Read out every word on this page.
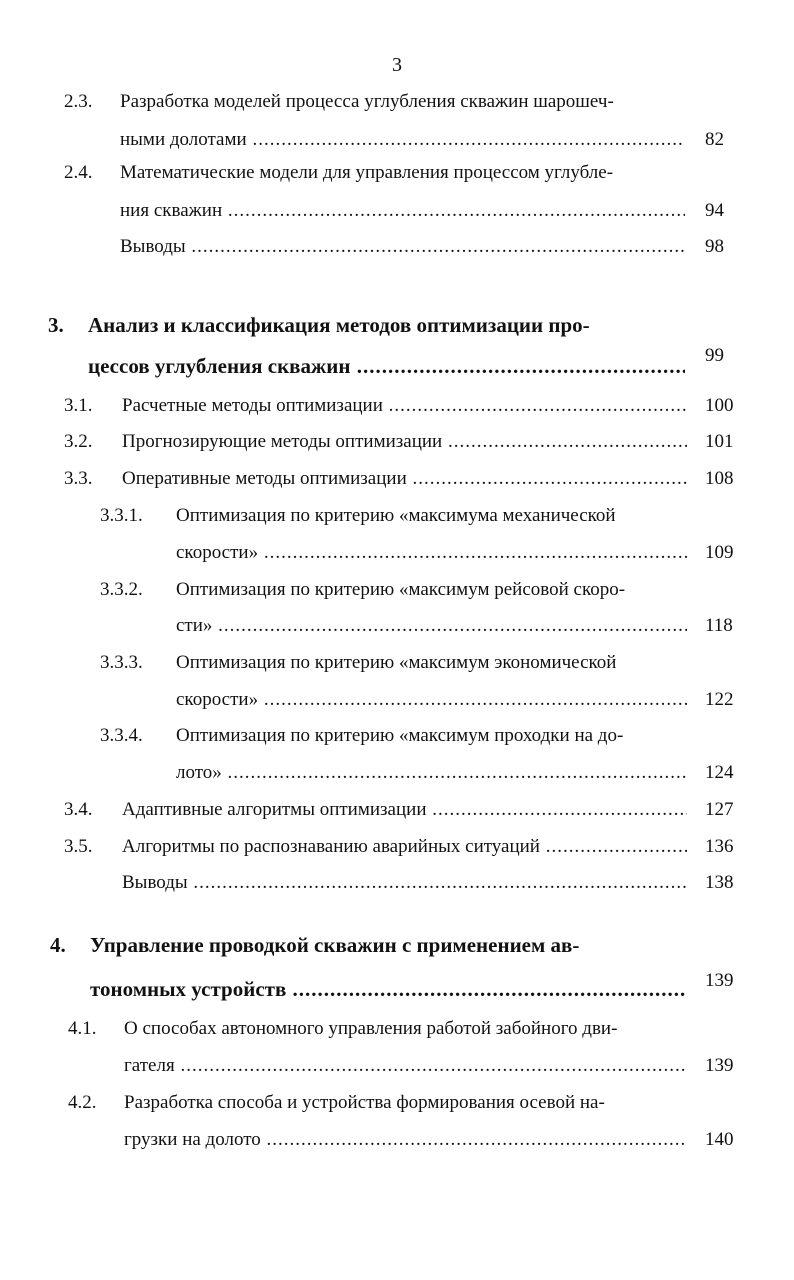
3
2.3. Разработка моделей процесса углубления скважин шарошеч-
ными долотами .....	82
2.4. Математические модели для управления процессом углубле-
ния скважин .....	94
Выводы .....	98
3. Анализ и классификация методов оптимизации про-
цессов углубления скважин .....	99
3.1. Расчетные методы оптимизации .....	100
3.2. Прогнозирующие методы оптимизации .....	101
3.3. Оперативные методы оптимизации .....	108
3.3.1. Оптимизация по критерию «максимума механической
скорости» .....	109
3.3.2. Оптимизация по критерию «максимум рейсовой скоро-
сти» .....	118
3.3.3. Оптимизация по критерию «максимум экономической
скорости» .....	122
3.3.4. Оптимизация по критерию «максимум проходки на до-
лото» .....	124
3.4. Адаптивные алгоритмы оптимизации .....	127
3.5. Алгоритмы по распознаванию аварийных ситуаций .....	136
Выводы .....	138
4. Управление проводкой скважин с применением ав-
тономных устройств .....	139
4.1. О способах автономного управления работой забойного дви-
гателя .....	139
4.2. Разработка способа и устройства формирования осевой на-
грузки на долото .....	140
